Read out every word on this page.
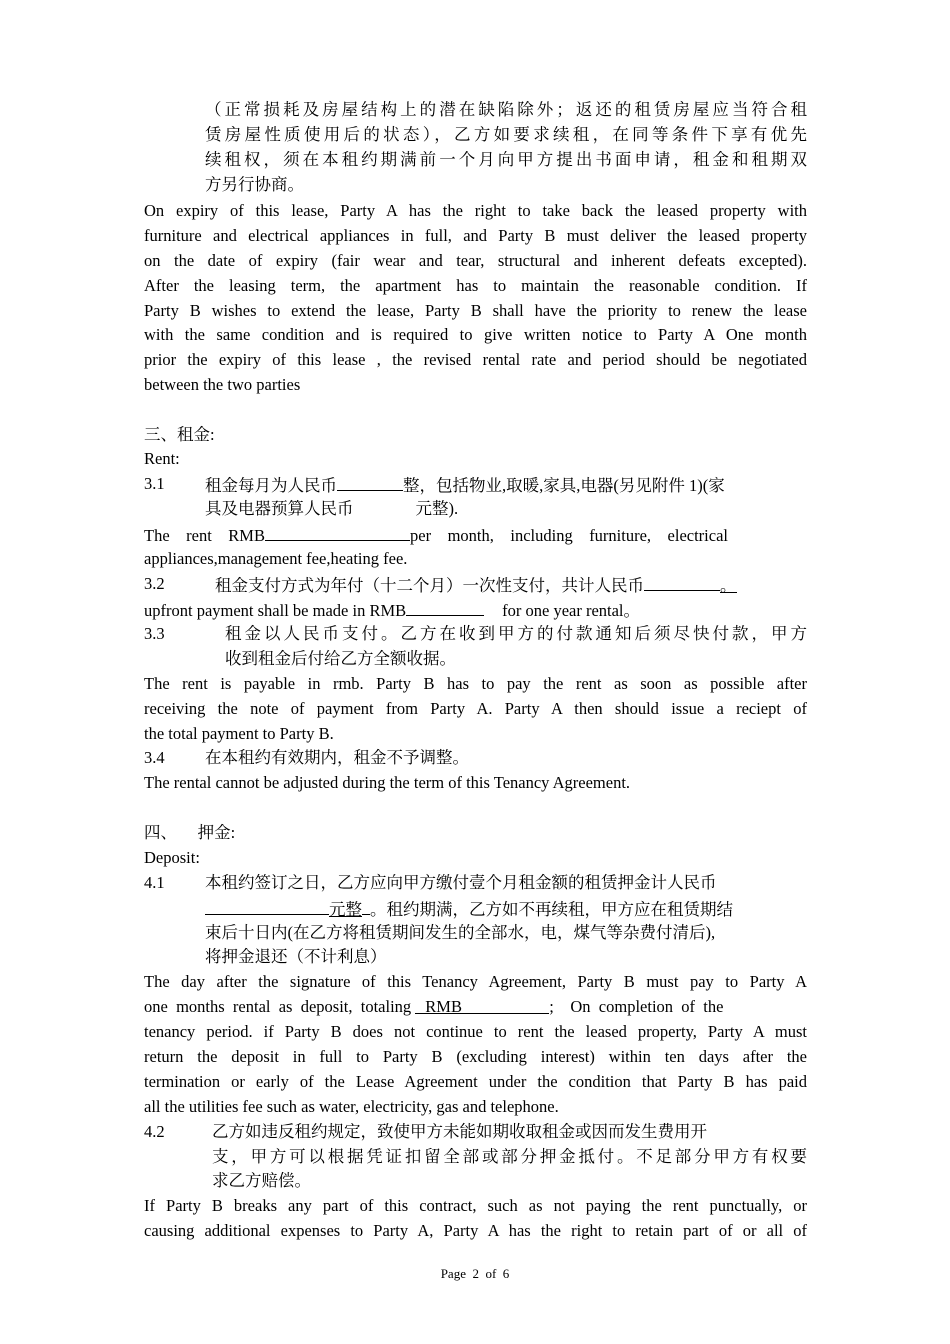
（正常损耗及房屋结构上的潜在缺陷除外；返还的租赁房屋应当符合租
赁房屋性质使用后的状态），乙方如要求续租，在同等条件下享有优先
续租权，须在本租约期满前一个月向甲方提出书面申请，租金和租期双
方另行协商。
On expiry of this lease, Party A has the right to take back the leased property with
furniture and electrical appliances in full, and Party B must deliver the leased property
on the date of expiry (fair wear and tear, structural and inherent defeats excepted).
After the leasing term, the apartment has to maintain the reasonable condition. If
Party B wishes to extend the lease, Party B shall have the priority to renew the lease
with the same condition and is required to give written notice to Party A One month
prior the expiry of this lease , the revised rental rate and period should be negotiated
between the two parties
三、租金:
Rent:
3.1 租金每月为人民币	整，包括物业,取暖,家具,电器(另见附件 1)(家
具及电器预算人民币	元整).
The    rent    RMB	per    month,    including    furniture,    electrical
appliances,management fee,heating fee.
3.2	租金支付方式为年付（十二个月）一次性支付，共计人民币	。
upfront payment shall be made in RMB	for one year rental。
3.3	租金以人民币支付。乙方在收到甲方的付款通知后须尽快付款，甲方
收到租金后付给乙方全额收据。
The rent is payable in rmb. Party B has to pay the rent as soon as possible after
receiving the note of payment from Party A. Party A then should issue a reciept of
the total payment to Party B.
3.4 在本租约有效期内，租金不予调整。
The rental cannot be adjusted during the term of this Tenancy Agreement.
四、     押金:
Deposit:
4.1 本租约签订之日，乙方应向甲方缴付壹个月租金额的租赁押金计人民币
元整 。租约期满，乙方如不再续租，甲方应在租赁期结
束后十日内(在乙方将租赁期间发生的全部水，电，煤气等杂费付清后),
将押金退还（不计利息）
The day after the signature of this Tenancy Agreement, Party B must pay to Party A
one  months  rental  as  deposit,  totaling RMB	;    On  completion  of  the
tenancy period. if Party B does not continue to rent the leased property, Party A must
return the deposit in full to Party B (excluding interest) within ten days after the
termination or early of the Lease Agreement under the condition that Party B has paid
all the utilities fee such as water, electricity, gas and telephone.
4.2	乙方如违反租约规定，致使甲方未能如期收取租金或因而发生费用开
支，甲方可以根据凭证扣留全部或部分押金抵付。不足部分甲方有权要
求乙方赔偿。
If Party B breaks any part of this contract, such as not paying the rent punctually, or
causing additional expenses to Party A, Party A has the right to retain part of or all of
Page  2  of  6
